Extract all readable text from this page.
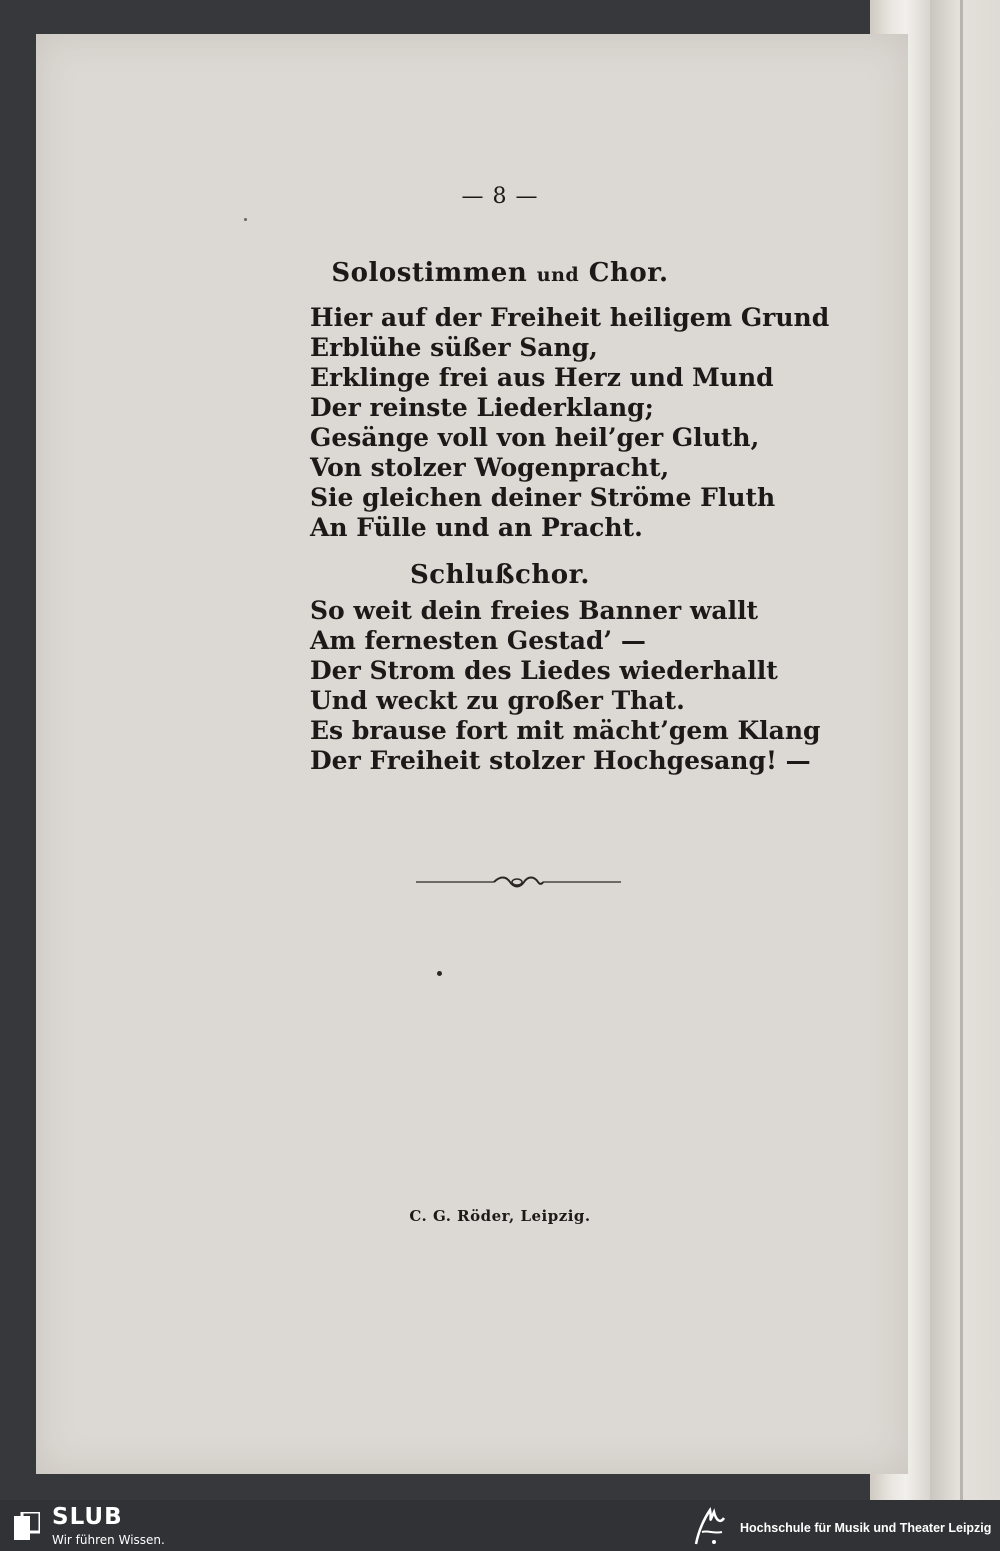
— 8 —
Solostimmen und Chor.
Hier auf der Freiheit heiligem Grund
Erblühe süßer Sang,
Erklinge frei aus Herz und Mund
Der reinste Liederklang;
Gesänge voll von heil’ger Gluth,
Von stolzer Wogenpracht,
Sie gleichen deiner Ströme Fluth
An Fülle und an Pracht.
Schlußchor.
So weit dein freies Banner wallt
Am fernesten Gestad’ —
Der Strom des Liedes wiederhallt
Und weckt zu großer That.
Es brause fort mit mächt’gem Klang
Der Freiheit stolzer Hochgesang! —
C. G. Röder, Leipzig.
SLUB
Wir führen Wissen.
Hochschule für Musik und Theater Leipzig
